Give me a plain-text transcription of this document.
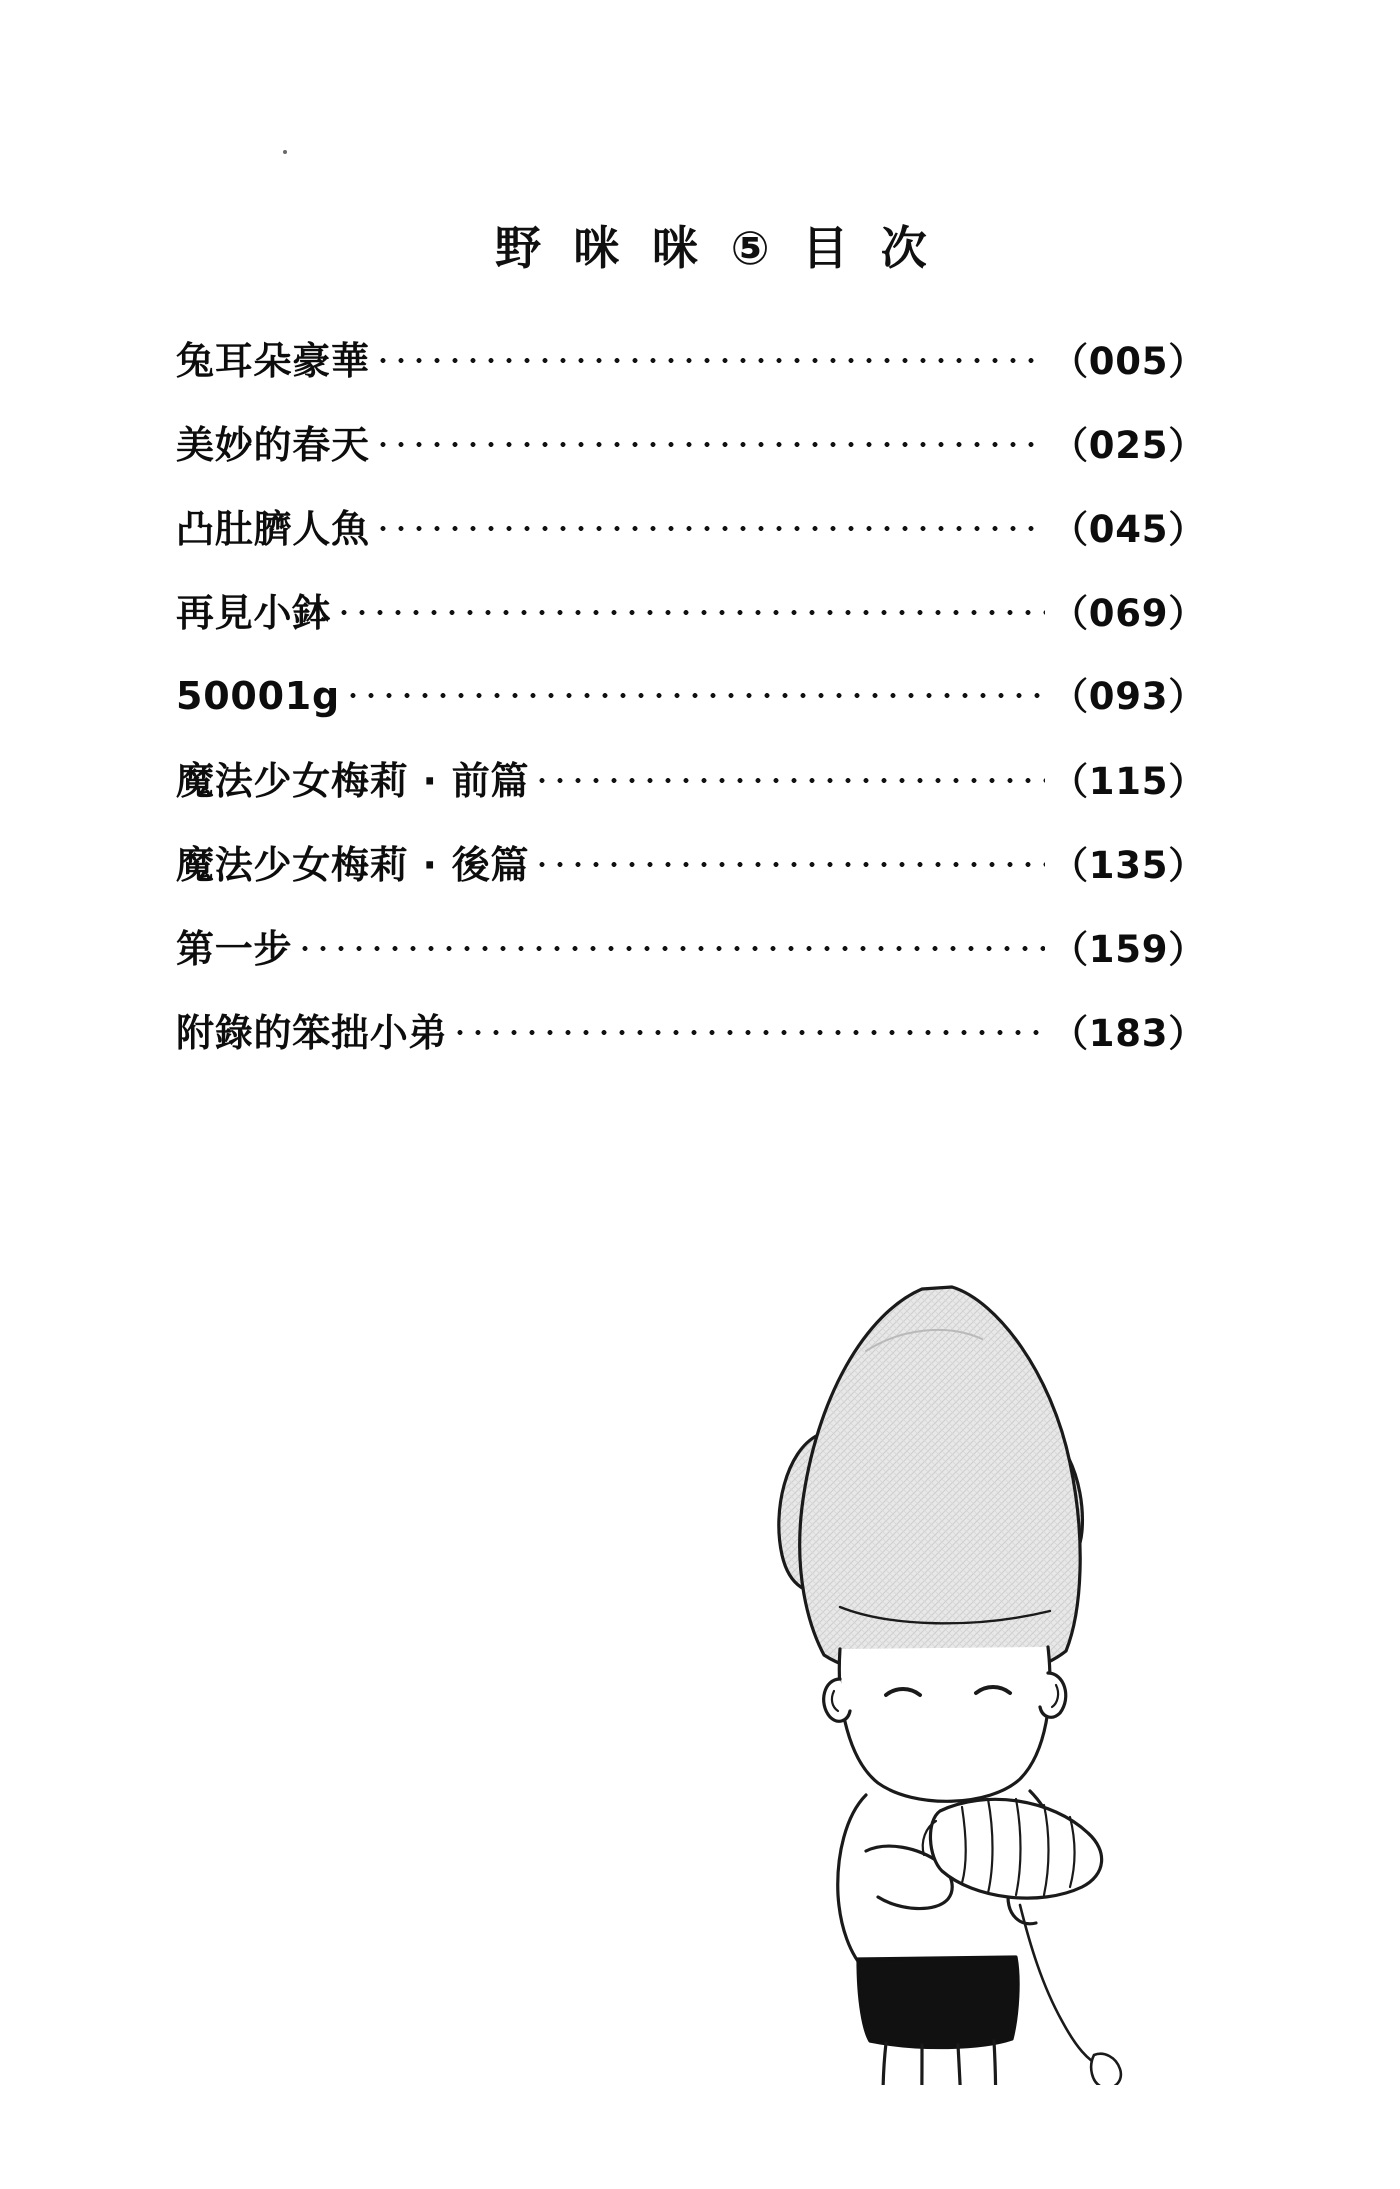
野 咪 咪 ⑤ 目 次
兔耳朵豪華	（005）
美妙的春天	（025）
凸肚臍人魚	（045）
再見小鉢	（069）
50001g	（093）
魔法少女梅莉 · 前篇	（115）
魔法少女梅莉 · 後篇	（135）
第一步	（159）
附錄的笨拙小弟	（183）
